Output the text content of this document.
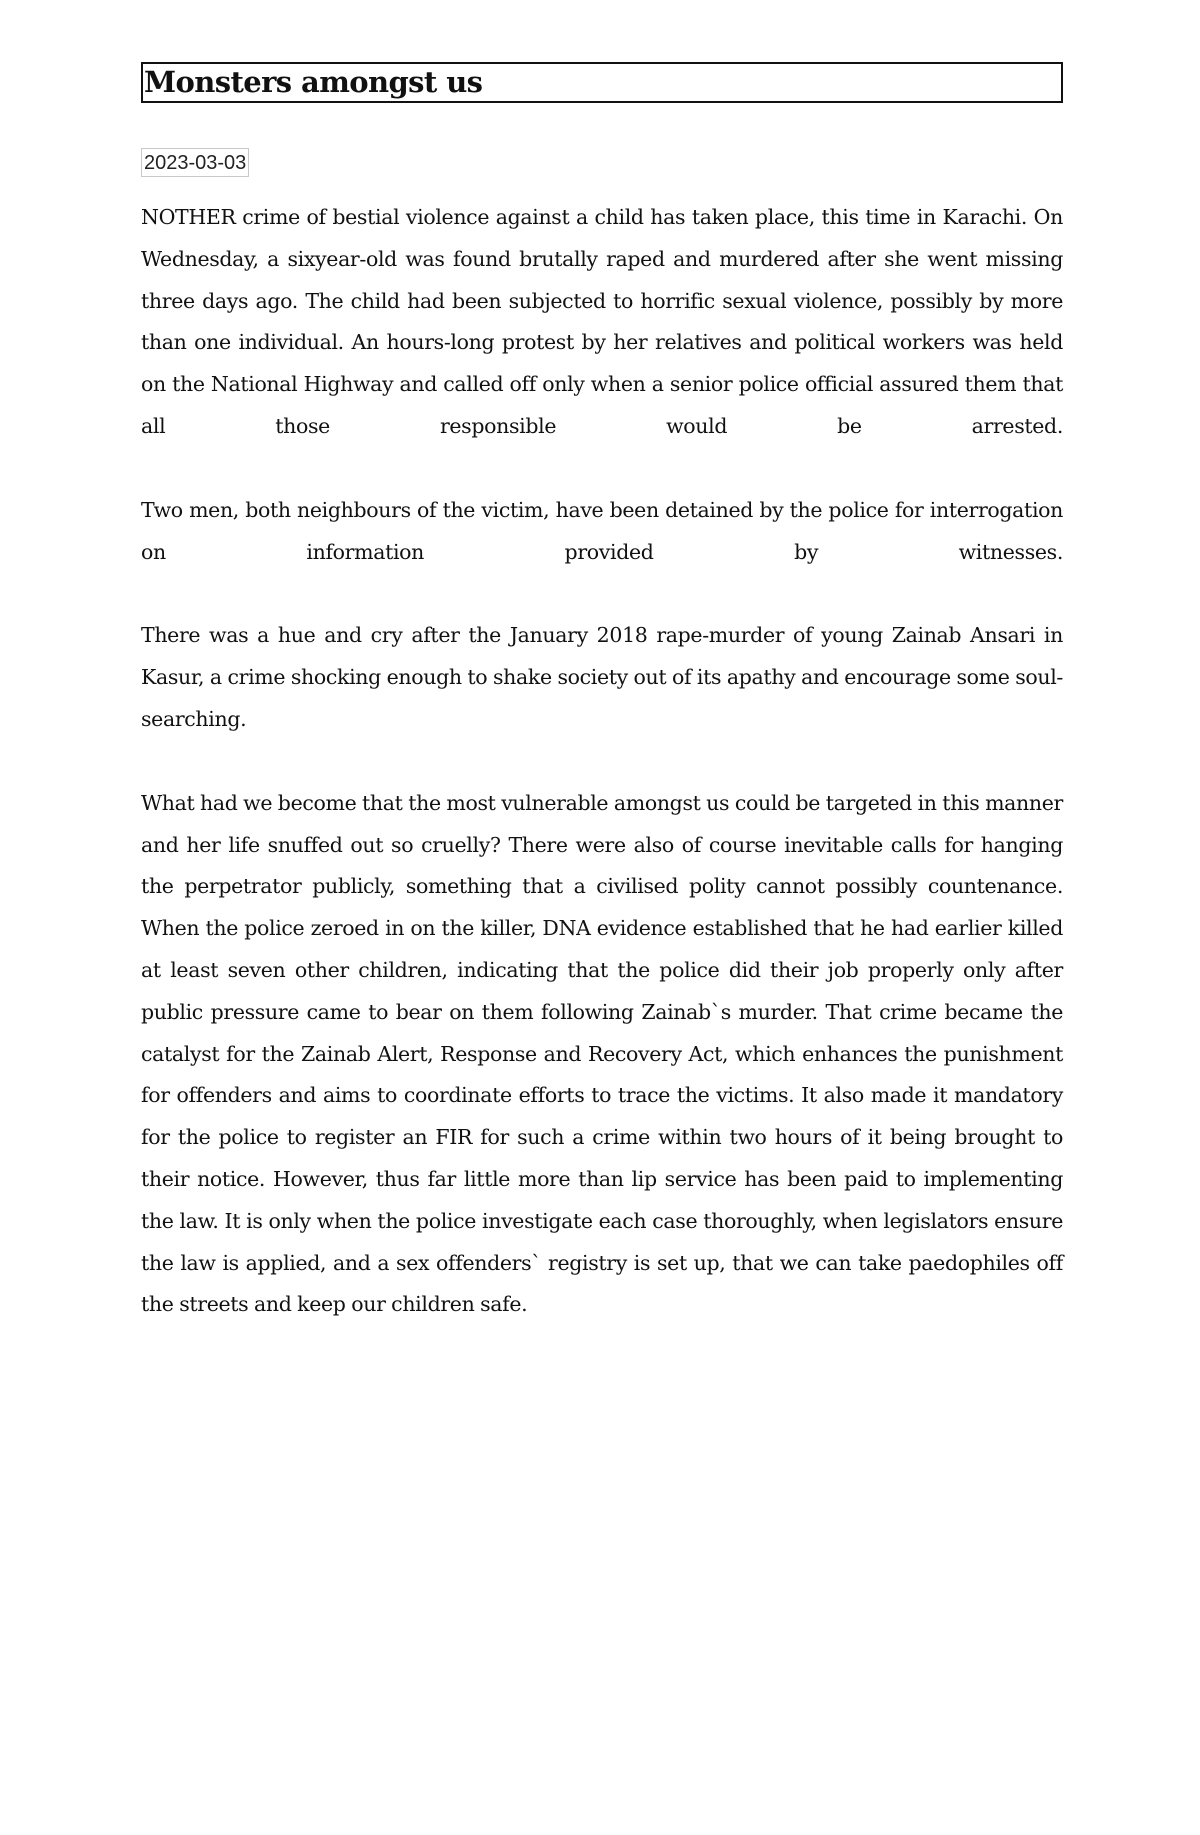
Monsters amongst us
2023-03-03

NOTHER crime of bestial violence against a child has taken place, this time in Karachi. On Wednesday, a sixyear-old was found brutally raped and murdered after she went missing three days ago. The child had been subjected to horrific sexual violence, possibly by more than one individual. An hours-long protest by her relatives and political workers was held on the National Highway and called off only when a senior police official assured them that all those responsible would be arrested.

Two men, both neighbours of the victim, have been detained by the police for interrogation on information provided by witnesses.

There was a hue and cry after the January 2018 rape-murder of young Zainab Ansari in Kasur, a crime shocking enough to shake society out of its apathy and encourage some soul-searching.

What had we become that the most vulnerable amongst us could be targeted in this manner and her life snuffed out so cruelly? There were also of course inevitable calls for hanging the perpetrator publicly, something that a civilised polity cannot possibly countenance. When the police zeroed in on the killer, DNA evidence established that he had earlier killed at least seven other children, indicating that the police did their job properly only after public pressure came to bear on them following Zainab`s murder. That crime became the catalyst for the Zainab Alert, Response and Recovery Act, which enhances the punishment for offenders and aims to coordinate efforts to trace the victims. It also made it mandatory for the police to register an FIR for such a crime within two hours of it being brought to their notice. However, thus far little more than lip service has been paid to implementing the law. It is only when the police investigate each case thoroughly, when legislators ensure the law is applied, and a sex offenders` registry is set up, that we can take paedophiles off the streets and keep our children safe.
